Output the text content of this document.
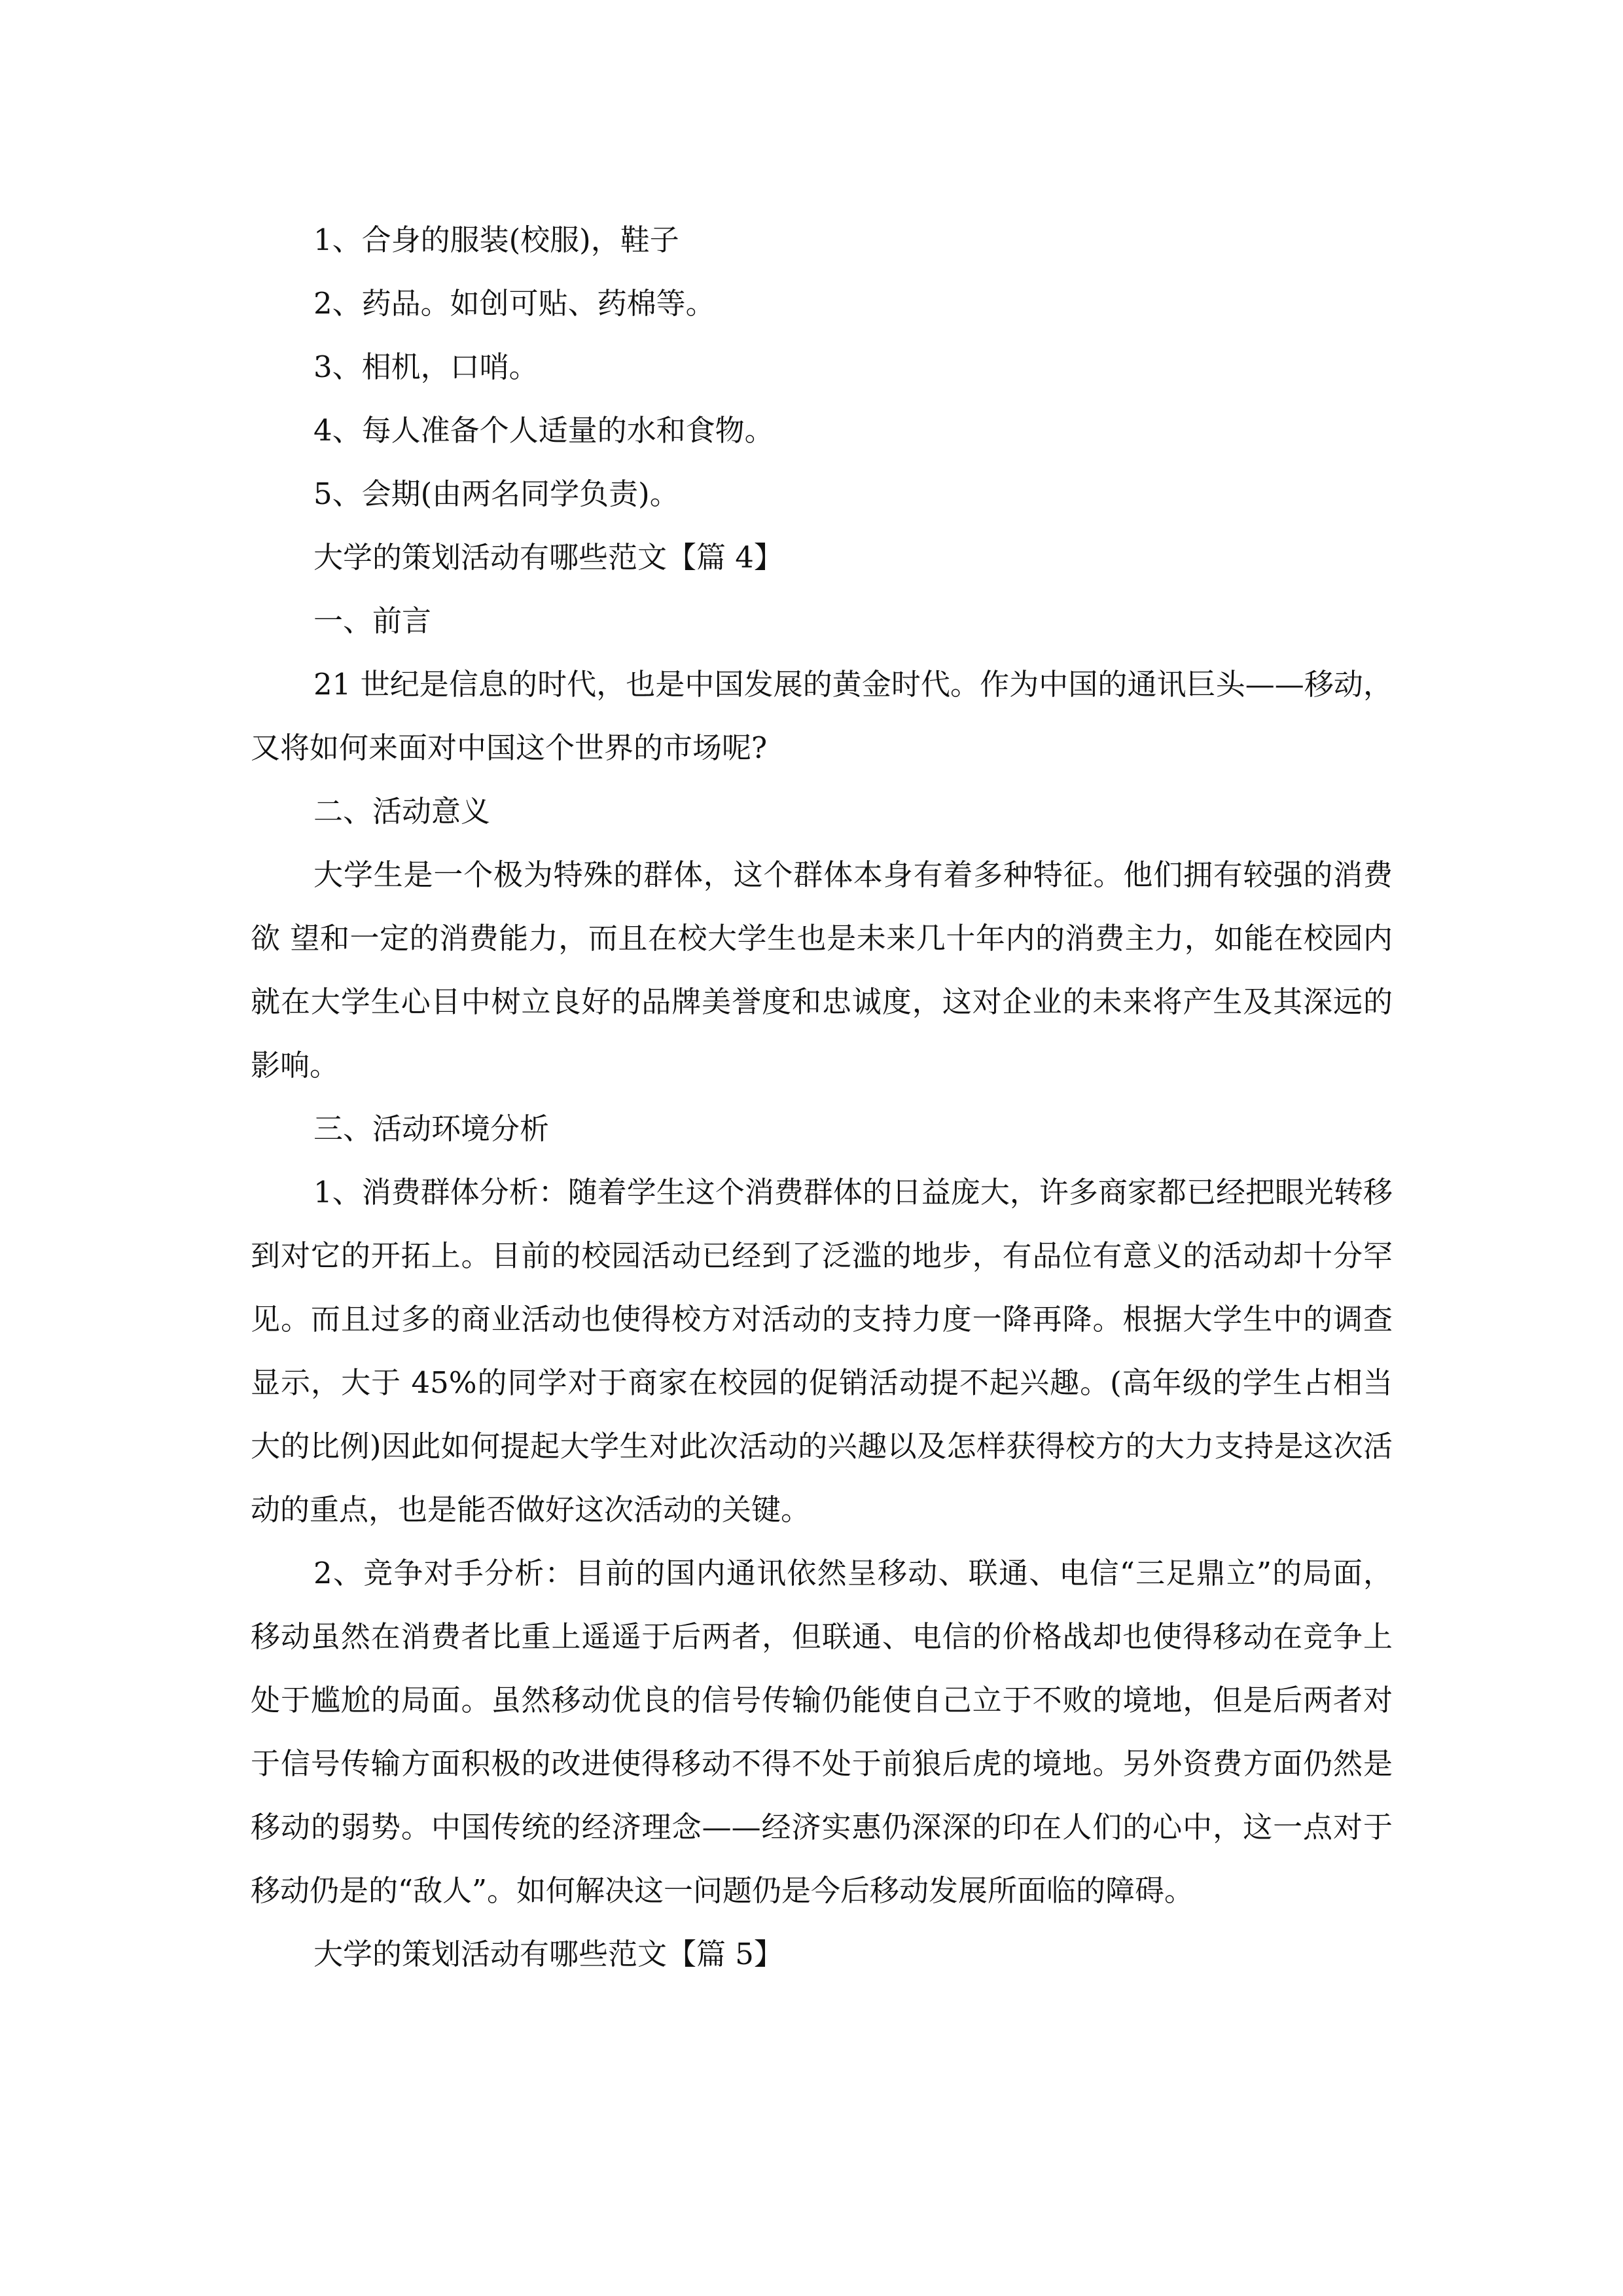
1、合身的服装(校服)，鞋子

2、药品。如创可贴、药棉等。

3、相机，口哨。

4、每人准备个人适量的水和食物。

5、会期(由两名同学负责)。

大学的策划活动有哪些范文【篇 4】

一、前言

21 世纪是信息的时代，也是中国发展的黄金时代。作为中国的通讯巨头——移动，又将如何来面对中国这个世界的市场呢?

二、活动意义

大学生是一个极为特殊的群体，这个群体本身有着多种特征。他们拥有较强的消费欲 望和一定的消费能力，而且在校大学生也是未来几十年内的消费主力，如能在校园内就在大学生心目中树立良好的品牌美誉度和忠诚度，这对企业的未来将产生及其深远的影响。

三、活动环境分析

1、消费群体分析：随着学生这个消费群体的日益庞大，许多商家都已经把眼光转移到对它的开拓上。目前的校园活动已经到了泛滥的地步，有品位有意义的活动却十分罕见。而且过多的商业活动也使得校方对活动的支持力度一降再降。根据大学生中的调查显示，大于 45%的同学对于商家在校园的促销活动提不起兴趣。(高年级的学生占相当大的比例)因此如何提起大学生对此次活动的兴趣以及怎样获得校方的大力支持是这次活动的重点，也是能否做好这次活动的关键。

2、竞争对手分析：目前的国内通讯依然呈移动、联通、电信“三足鼎立”的局面，移动虽然在消费者比重上遥遥于后两者，但联通、电信的价格战却也使得移动在竞争上处于尴尬的局面。虽然移动优良的信号传输仍能使自己立于不败的境地，但是后两者对于信号传输方面积极的改进使得移动不得不处于前狼后虎的境地。另外资费方面仍然是移动的弱势。中国传统的经济理念——经济实惠仍深深的印在人们的心中，这一点对于移动仍是的“敌人”。如何解决这一问题仍是今后移动发展所面临的障碍。

大学的策划活动有哪些范文【篇 5】
